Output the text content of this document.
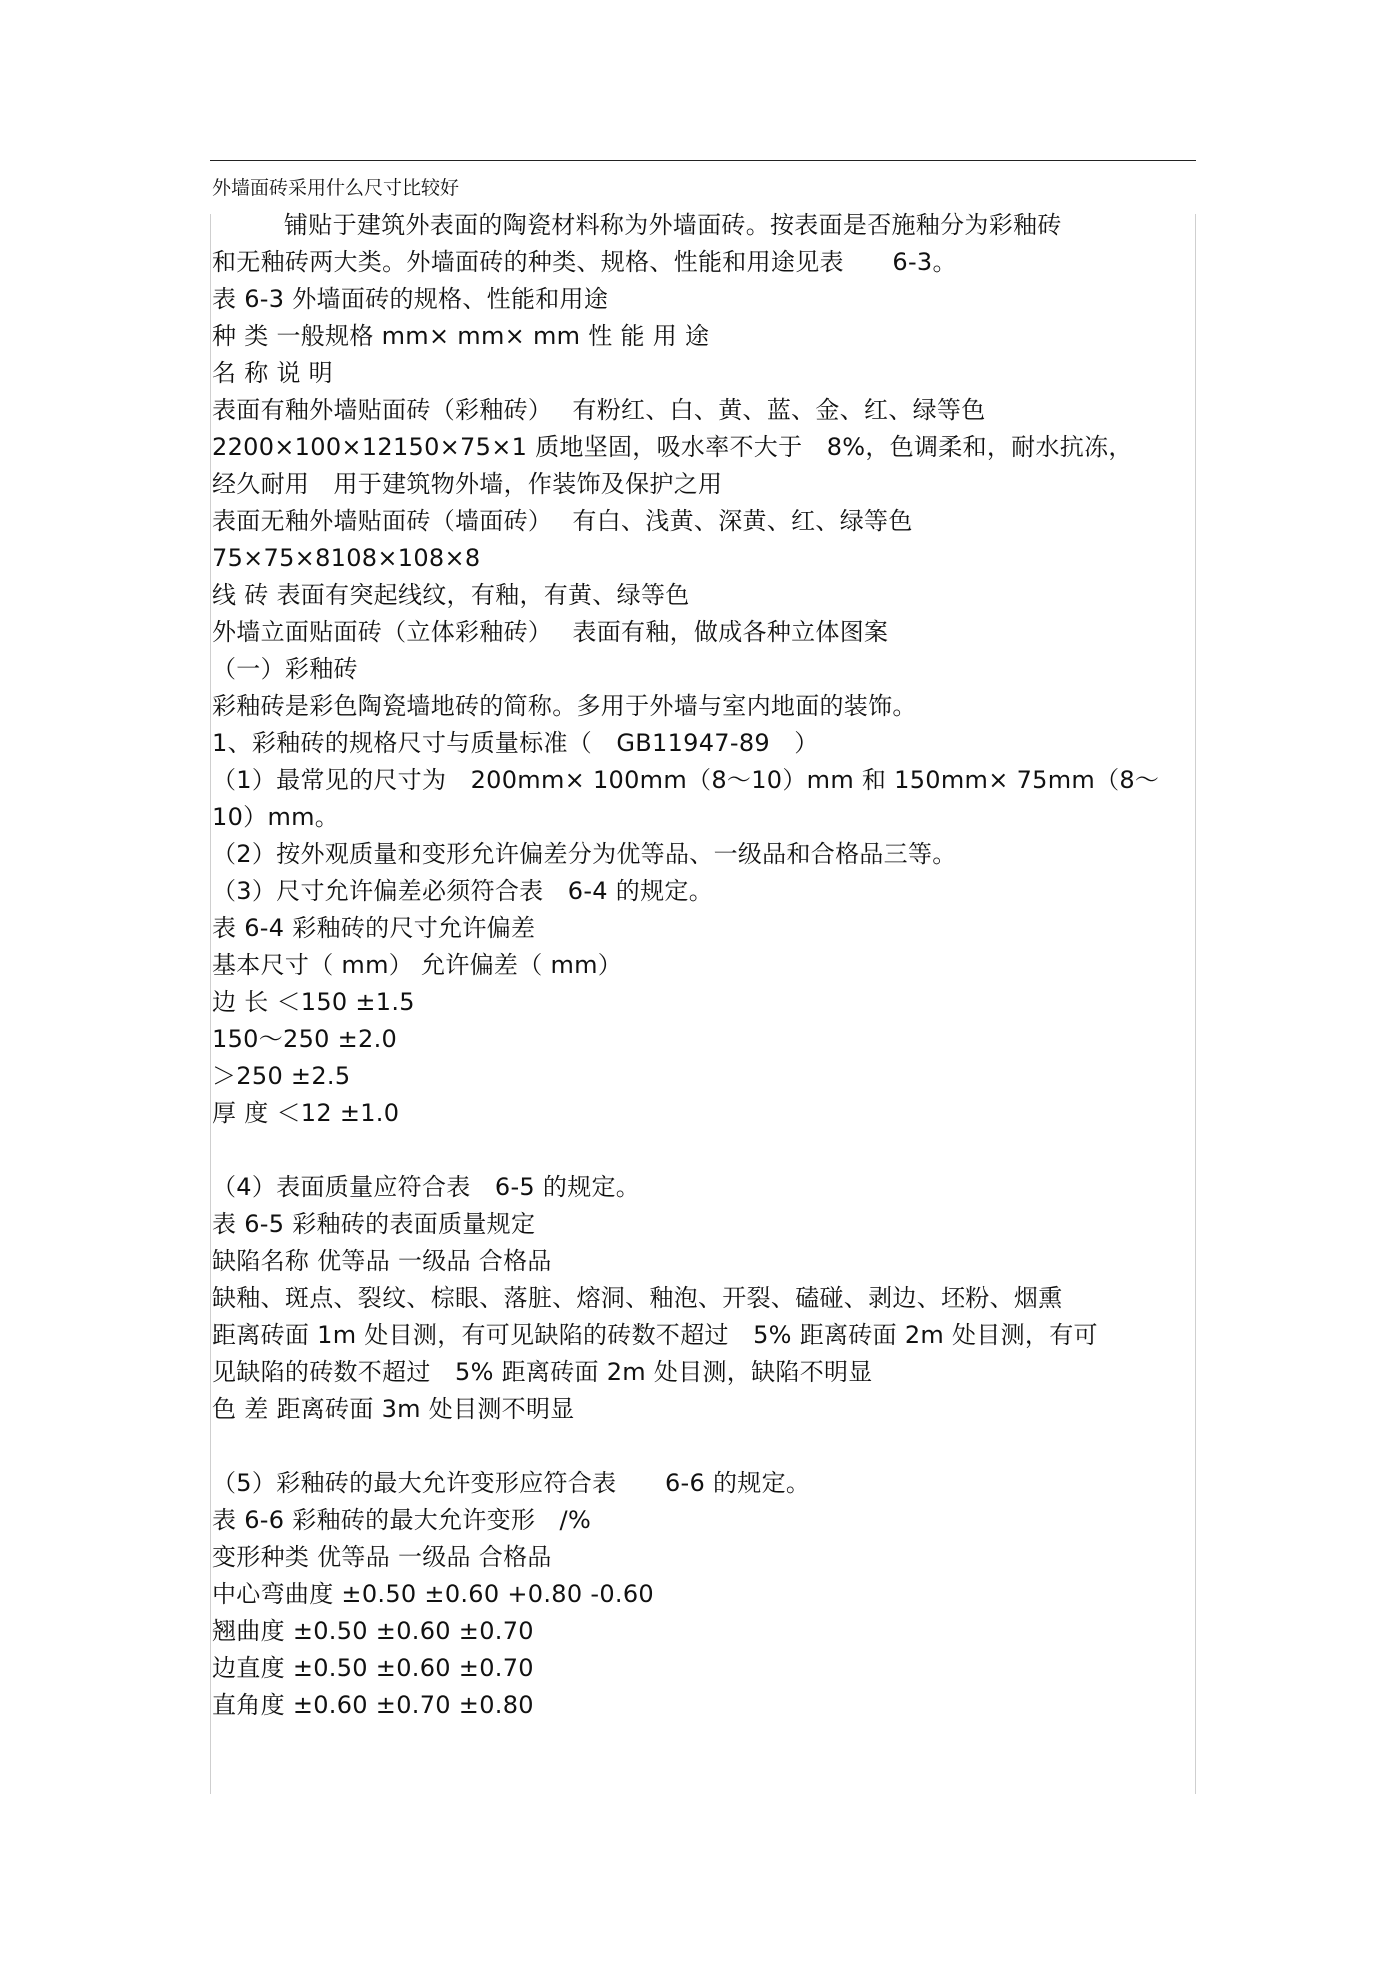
外墙面砖采用什么尺寸比较好
铺贴于建筑外表面的陶瓷材料称为外墙面砖。按表面是否施釉分为彩釉砖
和无釉砖两大类。外墙面砖的种类、规格、性能和用途见表　　6-3。
表 6-3 外墙面砖的规格、性能和用途
种 类 一般规格 mm× mm× mm 性 能 用 途
名 称 说 明
表面有釉外墙贴面砖（彩釉砖）　 有粉红、白、黄、蓝、金、红、绿等色
2200×100×12150×75×1 质地坚固，吸水率不大于　8%，色调柔和，耐水抗冻，
经久耐用　用于建筑物外墙，作装饰及保护之用
表面无釉外墙贴面砖（墙面砖）　 有白、浅黄、深黄、红、绿等色
75×75×8108×108×8
线 砖 表面有突起线纹，有釉，有黄、绿等色
外墙立面贴面砖（立体彩釉砖）　 表面有釉，做成各种立体图案
（一）彩釉砖
彩釉砖是彩色陶瓷墙地砖的简称。多用于外墙与室内地面的装饰。
1、彩釉砖的规格尺寸与质量标准（　GB11947-89　）
（1）最常见的尺寸为　200mm× 100mm（8～10）mm 和 150mm× 75mm（8～
10）mm。
（2）按外观质量和变形允许偏差分为优等品、一级品和合格品三等。
（3）尺寸允许偏差必须符合表　6-4 的规定。
表 6-4 彩釉砖的尺寸允许偏差
基本尺寸（ mm） 允许偏差（ mm）
边 长 ＜150 ±1.5
150～250 ±2.0
＞250 ±2.5
厚 度 ＜12 ±1.0
（4）表面质量应符合表　6-5 的规定。
表 6-5 彩釉砖的表面质量规定
缺陷名称 优等品 一级品 合格品
缺釉、斑点、裂纹、棕眼、落脏、熔洞、釉泡、开裂、磕碰、剥边、坯粉、烟熏
距离砖面 1m 处目测，有可见缺陷的砖数不超过　5% 距离砖面 2m 处目测，有可
见缺陷的砖数不超过　5% 距离砖面 2m 处目测，缺陷不明显
色 差 距离砖面 3m 处目测不明显
（5）彩釉砖的最大允许变形应符合表　　6-6 的规定。
表 6-6 彩釉砖的最大允许变形　/%
变形种类 优等品 一级品 合格品
中心弯曲度 ±0.50 ±0.60 +0.80 -0.60
翘曲度 ±0.50 ±0.60 ±0.70
边直度 ±0.50 ±0.60 ±0.70
直角度 ±0.60 ±0.70 ±0.80
